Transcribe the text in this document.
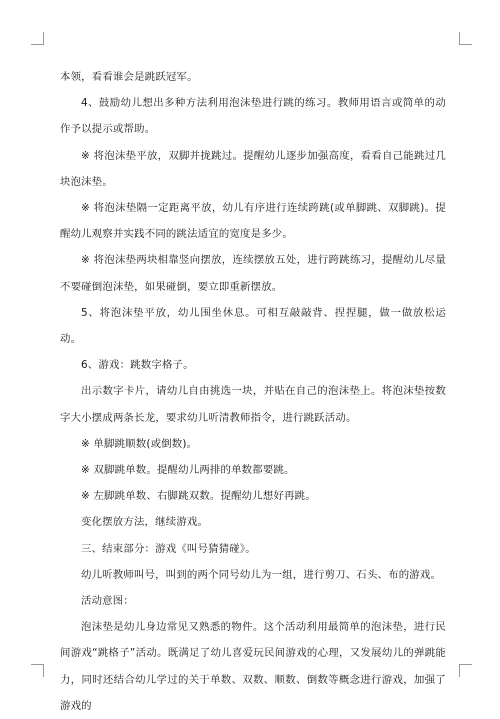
本领，看看谁会是跳跃冠军。

4、鼓励幼儿想出多种方法利用泡沫垫进行跳的练习。教师用语言或简单的动作予以提示或帮助。

※ 将泡沫垫平放，双脚并拢跳过。提醒幼儿逐步加强高度，看看自己能跳过几块泡沫垫。

※ 将泡沫垫隔一定距离平放，幼儿有序进行连续跨跳(或单脚跳、双脚跳)。提醒幼儿观察并实践不同的跳法适宜的宽度是多少。

※ 将泡沫垫两块相靠竖向摆放，连续摆放五处，进行跨跳练习，提醒幼儿尽量不要碰倒泡沫垫，如果碰倒，要立即重新摆放。

5、将泡沫垫平放，幼儿围坐休息。可相互敲敲背、捏捏腿，做一做放松运动。

6、游戏：跳数字格子。

出示数字卡片，请幼儿自由挑选一块，并贴在自己的泡沫垫上。将泡沫垫按数字大小摆成两条长龙，要求幼儿听清教师指令，进行跳跃活动。

※ 单脚跳顺数(或倒数)。

※ 双脚跳单数。提醒幼儿两排的单数都要跳。

※ 左脚跳单数、右脚跳双数。提醒幼儿想好再跳。

变化摆放方法，继续游戏。

三、结束部分：游戏《叫号猜猜碰》。

幼儿听教师叫号，叫到的两个同号幼儿为一组，进行剪刀、石头、布的游戏。

活动意图：

泡沫垫是幼儿身边常见又熟悉的物件。这个活动利用最简单的泡沫垫，进行民间游戏“跳格子”活动。既满足了幼儿喜爱玩民间游戏的心理，又发展幼儿的弹跳能力，同时还结合幼儿学过的关于单数、双数、顺数、倒数等概念进行游戏，加强了游戏的
